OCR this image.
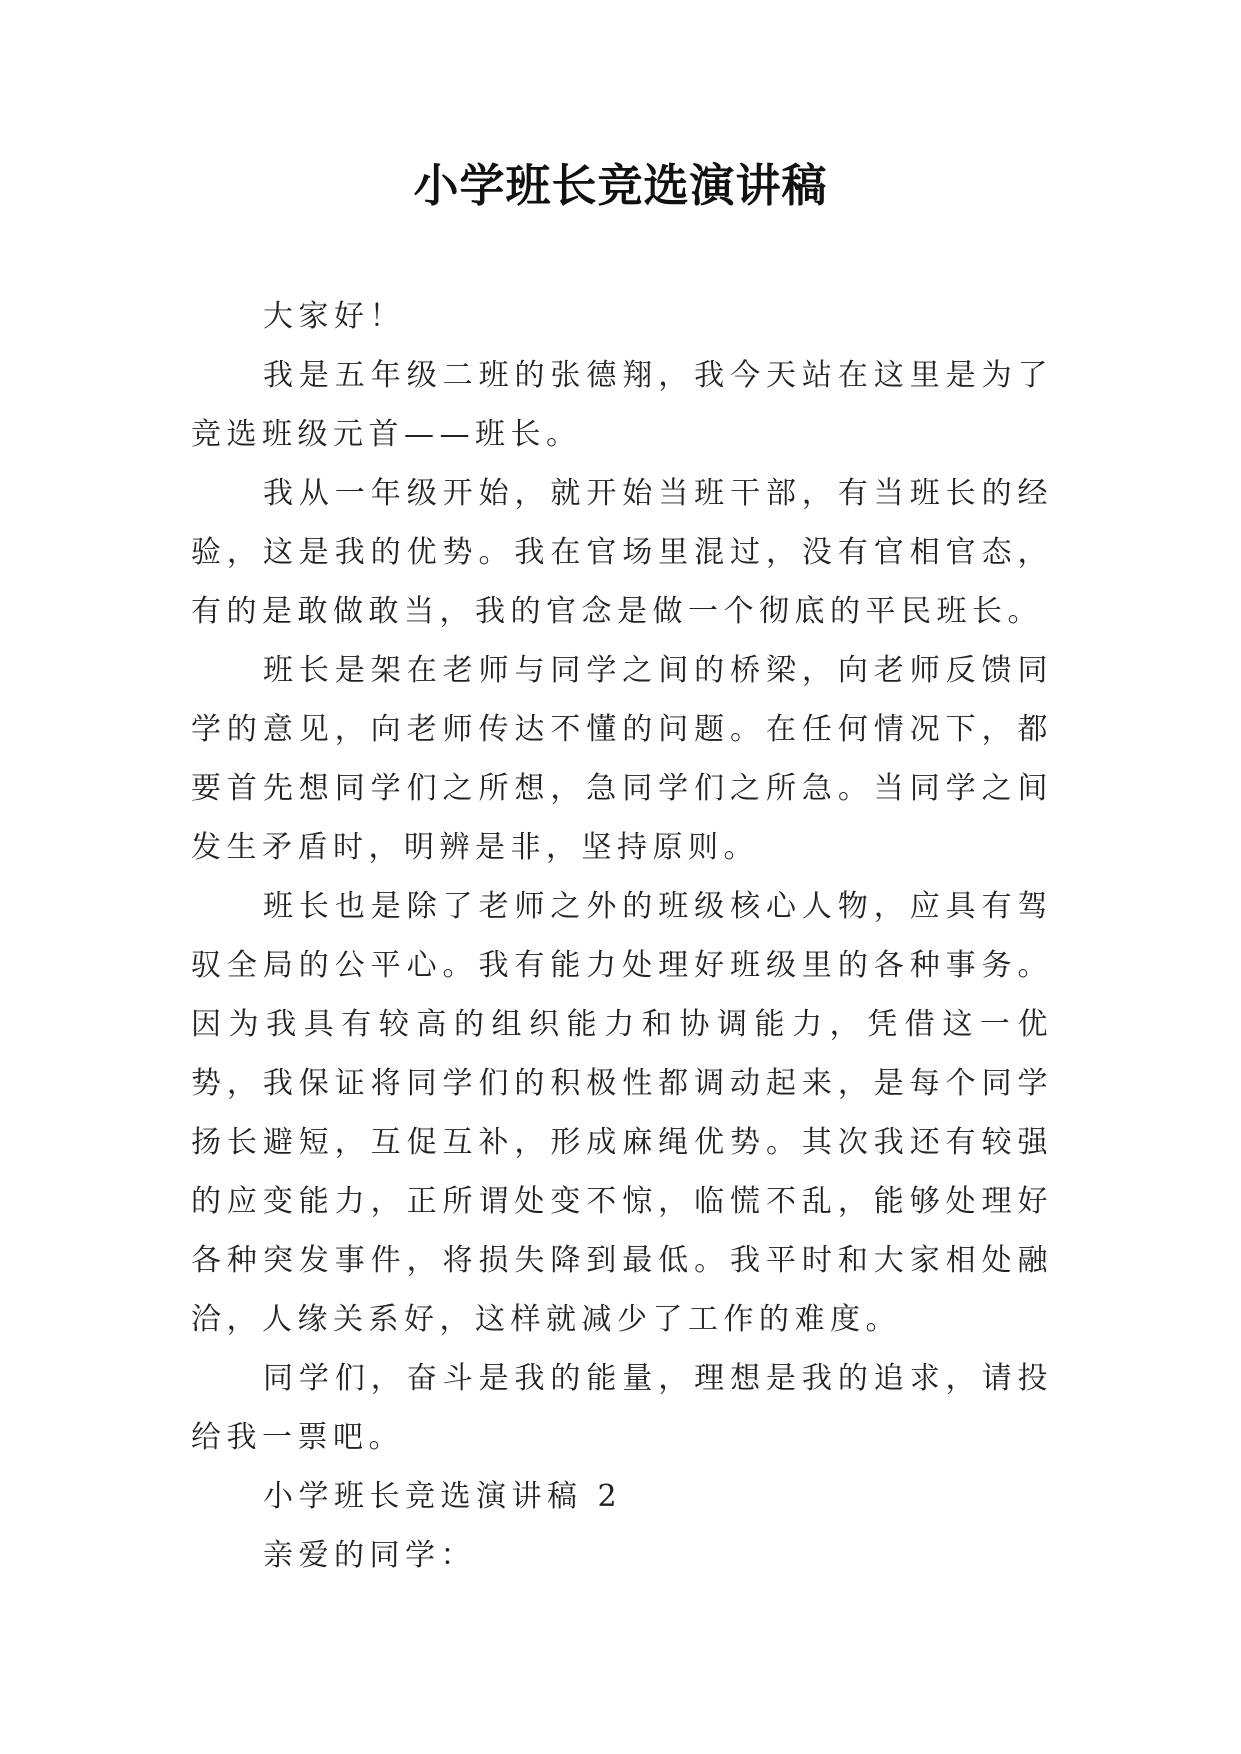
小学班长竞选演讲稿

大家好！

我是五年级二班的张德翔，我今天站在这里是为了竞选班级元首——班长。

我从一年级开始，就开始当班干部，有当班长的经验，这是我的优势。我在官场里混过，没有官相官态，有的是敢做敢当，我的官念是做一个彻底的平民班长。

班长是架在老师与同学之间的桥梁，向老师反馈同学的意见，向老师传达不懂的问题。在任何情况下，都要首先想同学们之所想，急同学们之所急。当同学之间发生矛盾时，明辨是非，坚持原则。

班长也是除了老师之外的班级核心人物，应具有驾驭全局的公平心。我有能力处理好班级里的各种事务。因为我具有较高的组织能力和协调能力，凭借这一优势，我保证将同学们的积极性都调动起来，是每个同学扬长避短，互促互补，形成麻绳优势。其次我还有较强的应变能力，正所谓处变不惊，临慌不乱，能够处理好各种突发事件，将损失降到最低。我平时和大家相处融洽，人缘关系好，这样就减少了工作的难度。

同学们，奋斗是我的能量，理想是我的追求，请投给我一票吧。

小学班长竞选演讲稿 2

亲爱的同学：
